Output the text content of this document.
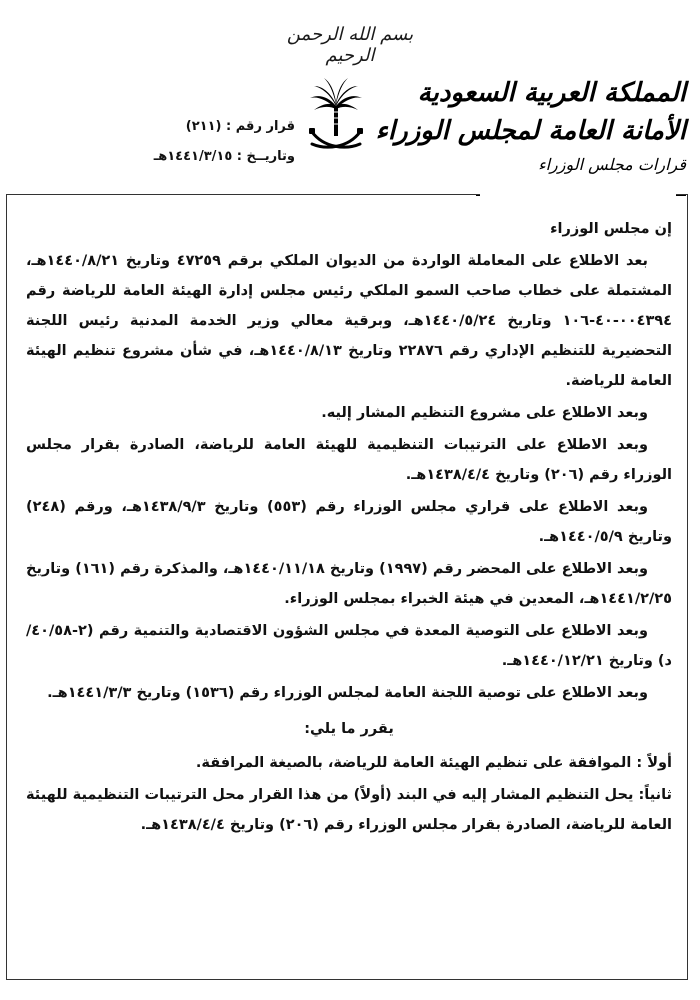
بسم الله الرحمن الرحيم
المملكة العربية السعودية
الأمانة العامة لمجلس الوزراء
قرارات مجلس الوزراء
قرار رقم : (٢١١)
وتاريــخ : ١٤٤١/٣/١٥هـ

إن مجلس الوزراء

بعد الاطلاع على المعاملة الواردة من الديوان الملكي برقم ٤٧٢٥٩ وتاريخ ١٤٤٠/٨/٢١هـ، المشتملة على خطاب صاحب السمو الملكي رئيس مجلس إدارة الهيئة العامة للرياضة رقم ٠٠٤٣٩٤-٤٠-١٠٦ وتاريخ ١٤٤٠/٥/٢٤هـ، وبرقية معالي وزير الخدمة المدنية رئيس اللجنة التحضيرية للتنظيم الإداري رقم ٢٢٨٧٦ وتاريخ ١٤٤٠/٨/١٣هـ، في شأن مشروع تنظيم الهيئة العامة للرياضة.

وبعد الاطلاع على مشروع التنظيم المشار إليه.

وبعد الاطلاع على الترتيبات التنظيمية للهيئة العامة للرياضة، الصادرة بقرار مجلس الوزراء رقم (٢٠٦) وتاريخ ١٤٣٨/٤/٤هـ.

وبعد الاطلاع على قراري مجلس الوزراء رقم (٥٥٣) وتاريخ ١٤٣٨/٩/٣هـ، ورقم (٢٤٨) وتاريخ ١٤٤٠/٥/٩هـ.

وبعد الاطلاع على المحضر رقم (١٩٩٧) وتاريخ ١٤٤٠/١١/١٨هـ، والمذكرة رقم (١٦١) وتاريخ ١٤٤١/٢/٢٥هـ، المعدين في هيئة الخبراء بمجلس الوزراء.

وبعد الاطلاع على التوصية المعدة في مجلس الشؤون الاقتصادية والتنمية رقم (٢-٤٠/٥٨/د) وتاريخ ١٤٤٠/١٢/٢١هـ.

وبعد الاطلاع على توصية اللجنة العامة لمجلس الوزراء رقم (١٥٣٦) وتاريخ ١٤٤١/٣/٣هـ.

يقرر ما يلي:

أولاً : الموافقة على تنظيم الهيئة العامة للرياضة، بالصيغة المرافقة.

ثانياً: يحل التنظيم المشار إليه في البند (أولاً) من هذا القرار محل الترتيبات التنظيمية للهيئة العامة للرياضة، الصادرة بقرار مجلس الوزراء رقم (٢٠٦) وتاريخ ١٤٣٨/٤/٤هـ.
